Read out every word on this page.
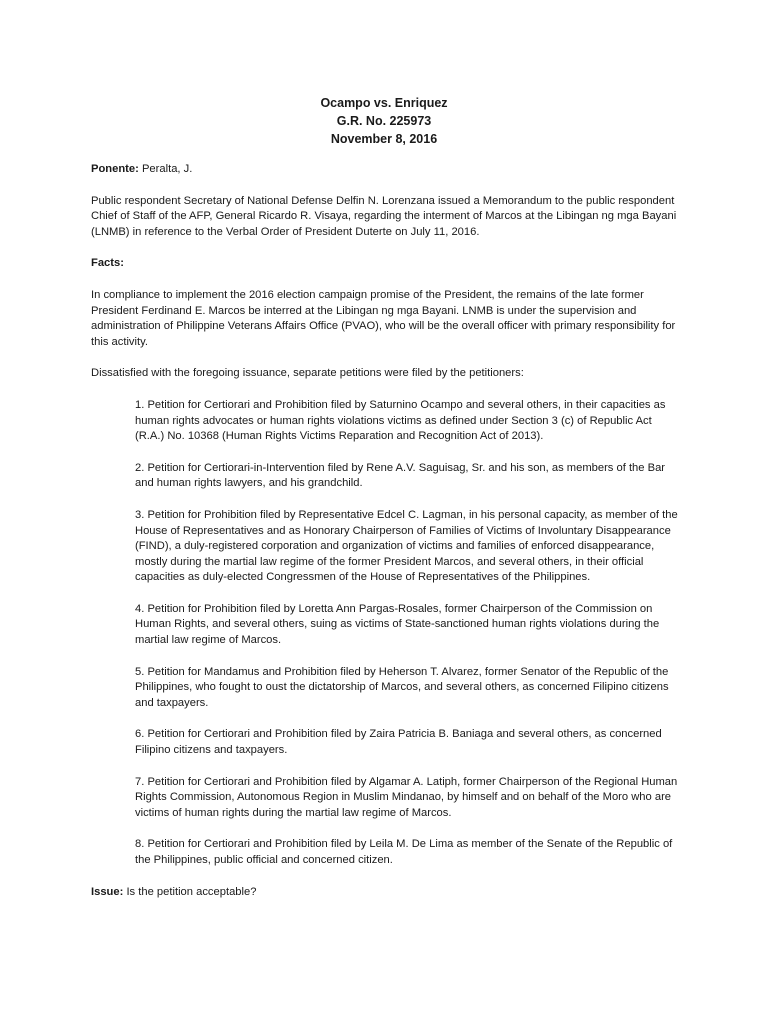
Ocampo vs. Enriquez
G.R. No. 225973
November 8, 2016

Ponente: Peralta, J.

Public respondent Secretary of National Defense Delfin N. Lorenzana issued a Memorandum to the public respondent Chief of Staff of the AFP, General Ricardo R. Visaya, regarding the interment of Marcos at the Libingan ng mga Bayani (LNMB) in reference to the Verbal Order of President Duterte on July 11, 2016.

Facts:

In compliance to implement the 2016 election campaign promise of the President, the remains of the late former President Ferdinand E. Marcos be interred at the Libingan ng mga Bayani. LNMB is under the supervision and administration of Philippine Veterans Affairs Office (PVAO), who will be the overall officer with primary responsibility for this activity.

Dissatisfied with the foregoing issuance, separate petitions were filed by the petitioners:

1. Petition for Certiorari and Prohibition filed by Saturnino Ocampo and several others, in their capacities as human rights advocates or human rights violations victims as defined under Section 3 (c) of Republic Act (R.A.) No. 10368 (Human Rights Victims Reparation and Recognition Act of 2013).

2. Petition for Certiorari-in-Intervention filed by Rene A.V. Saguisag, Sr. and his son, as members of the Bar and human rights lawyers, and his grandchild.

3. Petition for Prohibition filed by Representative Edcel C. Lagman, in his personal capacity, as member of the House of Representatives and as Honorary Chairperson of Families of Victims of Involuntary Disappearance (FIND), a duly-registered corporation and organization of victims and families of enforced disappearance, mostly during the martial law regime of the former President Marcos, and several others, in their official capacities as duly-elected Congressmen of the House of Representatives of the Philippines.

4. Petition for Prohibition filed by Loretta Ann Pargas-Rosales, former Chairperson of the Commission on Human Rights, and several others, suing as victims of State-sanctioned human rights violations during the martial law regime of Marcos.

5. Petition for Mandamus and Prohibition filed by Heherson T. Alvarez, former Senator of the Republic of the Philippines, who fought to oust the dictatorship of Marcos, and several others, as concerned Filipino citizens and taxpayers.

6. Petition for Certiorari and Prohibition filed by Zaira Patricia B. Baniaga and several others, as concerned Filipino citizens and taxpayers.

7. Petition for Certiorari and Prohibition filed by Algamar A. Latiph, former Chairperson of the Regional Human Rights Commission, Autonomous Region in Muslim Mindanao, by himself and on behalf of the Moro who are victims of human rights during the martial law regime of Marcos.

8. Petition for Certiorari and Prohibition filed by Leila M. De Lima as member of the Senate of the Republic of the Philippines, public official and concerned citizen.

Issue: Is the petition acceptable?
